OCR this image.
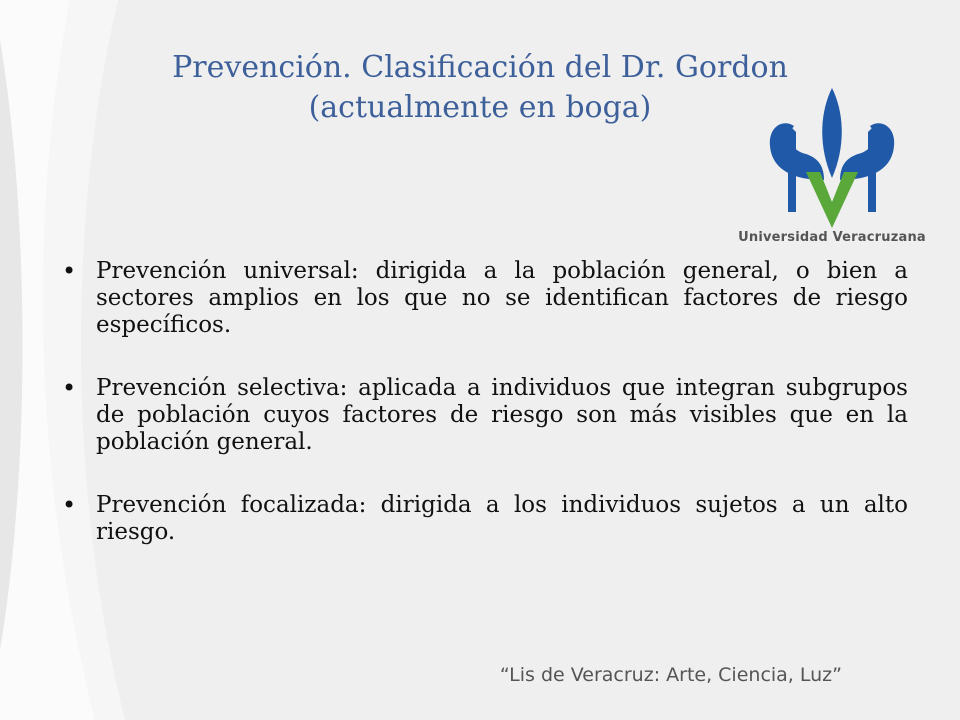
Prevención. Clasificación del Dr. Gordon (actualmente en boga)
Universidad Veracruzana
• Prevención universal: dirigida a la población general, o bien a sectores amplios en los que no se identifican factores de riesgo específicos.
• Prevención selectiva: aplicada a individuos que integran subgrupos de población cuyos factores de riesgo son más visibles que en la población general.
• Prevención focalizada: dirigida a los individuos sujetos a un alto riesgo.
“Lis de Veracruz: Arte, Ciencia, Luz”
